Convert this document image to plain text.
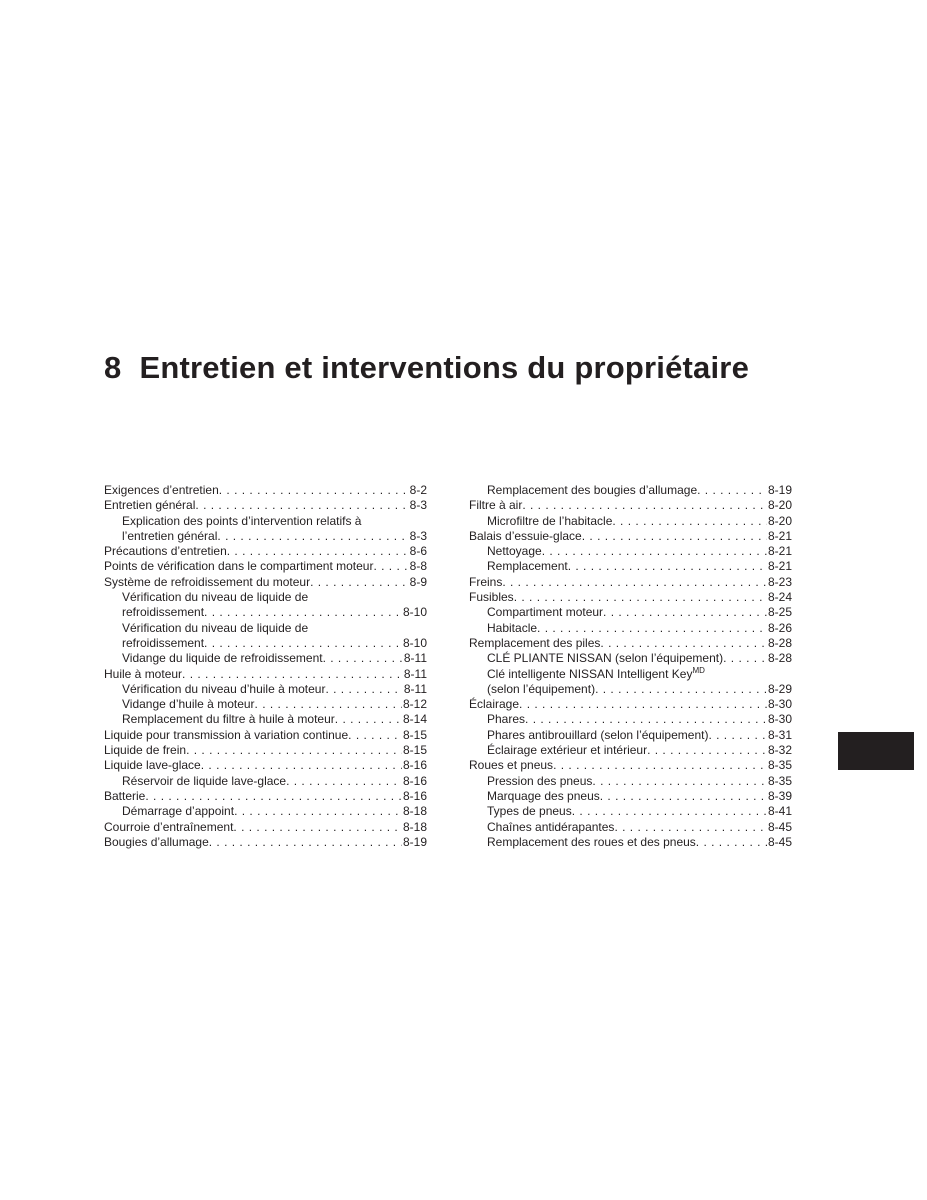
8 Entretien et interventions du propriétaire
Exigences d’entretien . . .	8-2
Entretien général . . .	8-3
Explication des points d’intervention relatifs à
l’entretien général . . .	8-3
Précautions d’entretien . . .	8-6
Points de vérification dans le compartiment moteur . . .	8-8
Système de refroidissement du moteur . . .	8-9
Vérification du niveau de liquide de
refroidissement . . .	8-10
Vérification du niveau de liquide de
refroidissement . . .	8-10
Vidange du liquide de refroidissement . . .	8-11
Huile à moteur . . .	8-11
Vérification du niveau d’huile à moteur . . .	8-11
Vidange d’huile à moteur . . .	8-12
Remplacement du filtre à huile à moteur . . .	8-14
Liquide pour transmission à variation continue . . .	8-15
Liquide de frein . . .	8-15
Liquide lave-glace . . .	8-16
Réservoir de liquide lave-glace . . .	8-16
Batterie . . .	8-16
Démarrage d’appoint . . .	8-18
Courroie d’entraînement . . .	8-18
Bougies d’allumage . . .	8-19
Remplacement des bougies d’allumage . . .	8-19
Filtre à air . . .	8-20
Microfiltre de l’habitacle . . .	8-20
Balais d’essuie-glace . . .	8-21
Nettoyage . . .	8-21
Remplacement . . .	8-21
Freins . . .	8-23
Fusibles . . .	8-24
Compartiment moteur . . .	8-25
Habitacle . . .	8-26
Remplacement des piles . . .	8-28
CLÉ PLIANTE NISSAN (selon l’équipement) . . .	8-28
Clé intelligente NISSAN Intelligent Key$^{MD}$
(selon l’équipement) . . .	8-29
Éclairage . . .	8-30
Phares . . .	8-30
Phares antibrouillard (selon l’équipement) . . .	8-31
Éclairage extérieur et intérieur . . .	8-32
Roues et pneus . . .	8-35
Pression des pneus . . .	8-35
Marquage des pneus . . .	8-39
Types de pneus . . .	8-41
Chaînes antidérapantes . . .	8-45
Remplacement des roues et des pneus . . .	8-45
